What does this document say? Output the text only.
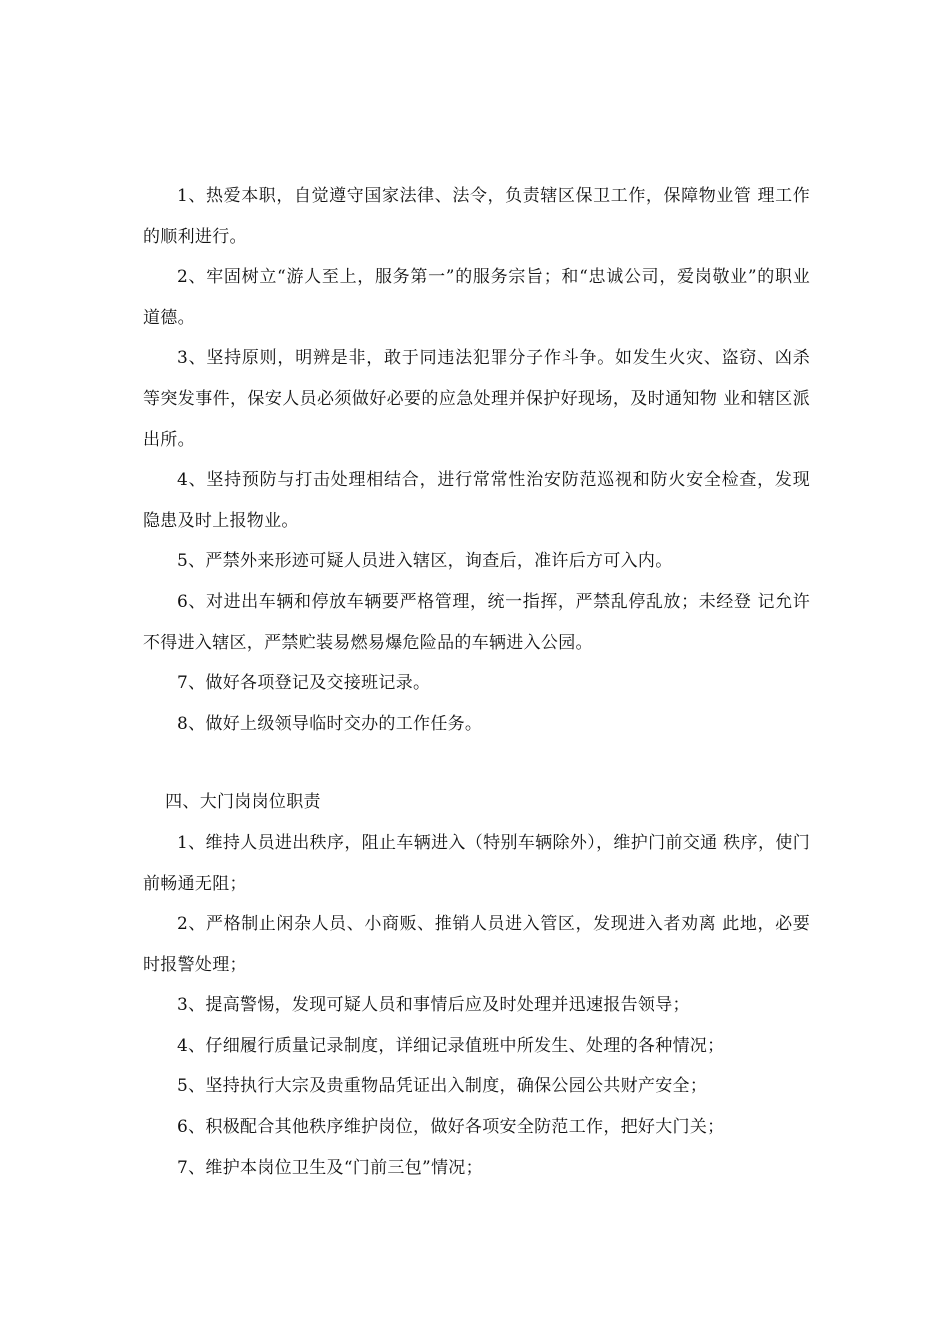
1、热爱本职，自觉遵守国家法律、法令，负责辖区保卫工作，保障物业管 理工作的顺利进行。

2、牢固树立“游人至上，服务第一”的服务宗旨；和“忠诚公司，爱岗敬业”的职业道德。

3、坚持原则，明辨是非，敢于同违法犯罪分子作斗争。如发生火灾、盗窃、凶杀等突发事件，保安人员必须做好必要的应急处理并保护好现场，及时通知物 业和辖区派出所。

4、坚持预防与打击处理相结合，进行常常性治安防范巡视和防火安全检查，发现隐患及时上报物业。

5、严禁外来形迹可疑人员进入辖区，询查后，准许后方可入内。

6、对进出车辆和停放车辆要严格管理，统一指挥，严禁乱停乱放；未经登 记允许不得进入辖区，严禁贮装易燃易爆危险品的车辆进入公园。

7、做好各项登记及交接班记录。

8、做好上级领导临时交办的工作任务。

四、大门岗岗位职责

1、维持人员进出秩序，阻止车辆进入（特别车辆除外），维护门前交通 秩序，使门前畅通无阻；

2、严格制止闲杂人员、小商贩、推销人员进入管区，发现进入者劝离 此地，必要时报警处理；

3、提高警惕，发现可疑人员和事情后应及时处理并迅速报告领导；

4、仔细履行质量记录制度，详细记录值班中所发生、处理的各种情况；

5、坚持执行大宗及贵重物品凭证出入制度，确保公园公共财产安全；

6、积极配合其他秩序维护岗位，做好各项安全防范工作，把好大门关；

7、维护本岗位卫生及“门前三包”情况；
